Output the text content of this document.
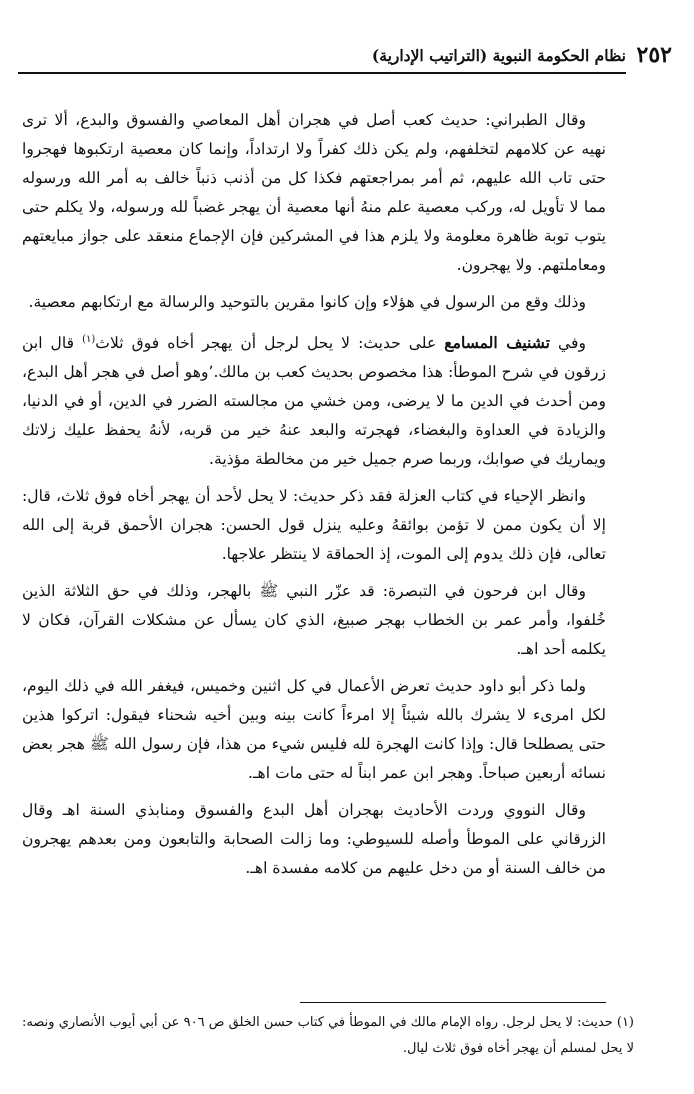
٢٥٢
نظام الحكومة النبوية (التراتيب الإدارية)

وقال الطبراني: حديث كعب أصل في هجران أهل المعاصي والفسوق والبدع، ألا ترى نهيه عن كلامهم لتخلفهم، ولم يكن ذلك كفراً ولا ارتداداً، وإنما كان معصية ارتكبوها فهجروا حتى تاب الله عليهم، ثم أمر بمراجعتهم فكذا كل من أذنب ذنباً خالف به أمر الله ورسوله مما لا تأويل له، وركب معصية علم منهُ أنها معصية أن يهجر غضباً لله ورسوله، ولا يكلم حتى يتوب توبة ظاهرة معلومة ولا يلزم هذا في المشركين فإن الإجماع منعقد على جواز مبايعتهم ومعاملتهم. ولا يهجرون.

وذلك وقع من الرسول في هؤلاء وإن كانوا مقرين بالتوحيد والرسالة مع ارتكابهم معصية.

وفي تشنيف المسامع على حديث: لا يحل لرجل أن يهجر أخاه فوق ثلاث$^{(١)}$ قال ابن زرقون في شرح الموطأ: هذا مخصوص بحديث كعب بن مالك.٬وهو أصل في هجر أهل البدع، ومن أحدث في الدين ما لا يرضى، ومن خشي من مجالسته الضرر في الدين، أو في الدنيا، والزيادة في العداوة والبغضاء، فهجرته والبعد عنهُ خير من قربه، لأنهُ يحفظ عليك زلاتك ويماريك في صوابك، وربما صرم جميل خير من مخالطة مؤذية.

وانظر الإحياء في كتاب العزلة فقد ذكر حديث: لا يحل لأحد أن يهجر أخاه فوق ثلاث، قال: إلا أن يكون ممن لا تؤمن بوائقهُ وعليه ينزل قول الحسن: هجران الأحمق قربة إلى الله تعالى، فإن ذلك يدوم إلى الموت، إذ الحماقة لا ينتظر علاجها.

وقال ابن فرحون في التبصرة: قد عزّر النبي ﷺ بالهجر، وذلك في حق الثلاثة الذين خُلفوا، وأمر عمر بن الخطاب بهجر صبيغ، الذي كان يسأل عن مشكلات القرآن، فكان لا يكلمه أحد اهـ.

ولما ذكر أبو داود حديث تعرض الأعمال في كل اثنين وخميس، فيغفر الله في ذلك اليوم، لكل امرىء لا يشرك بالله شيئاً إلا امرءاً كانت بينه وبين أخيه شحناء فيقول: اتركوا هذين حتى يصطلحا قال: وإذا كانت الهجرة لله فليس شيء من هذا، فإن رسول الله ﷺ هجر بعض نسائه أربعين صباحاً. وهجر ابن عمر ابناً له حتى مات اهـ.

وقال النووي وردت الأحاديث بهجران أهل البدع والفسوق ومنابذي السنة اهـ وقال الزرقاني على الموطأ وأصله للسيوطي: وما زالت الصحابة والتابعون ومن بعدهم يهجرون من خالف السنة أو من دخل عليهم من كلامه مفسدة اهـ.

(١) حديث: لا يحل لرجل. رواه الإمام مالك في الموطأ في كتاب حسن الخلق ص ٩٠٦ عن أبي أيوب الأنصاري ونصه: لا يحل لمسلم أن يهجر أخاه فوق ثلاث ليال.
